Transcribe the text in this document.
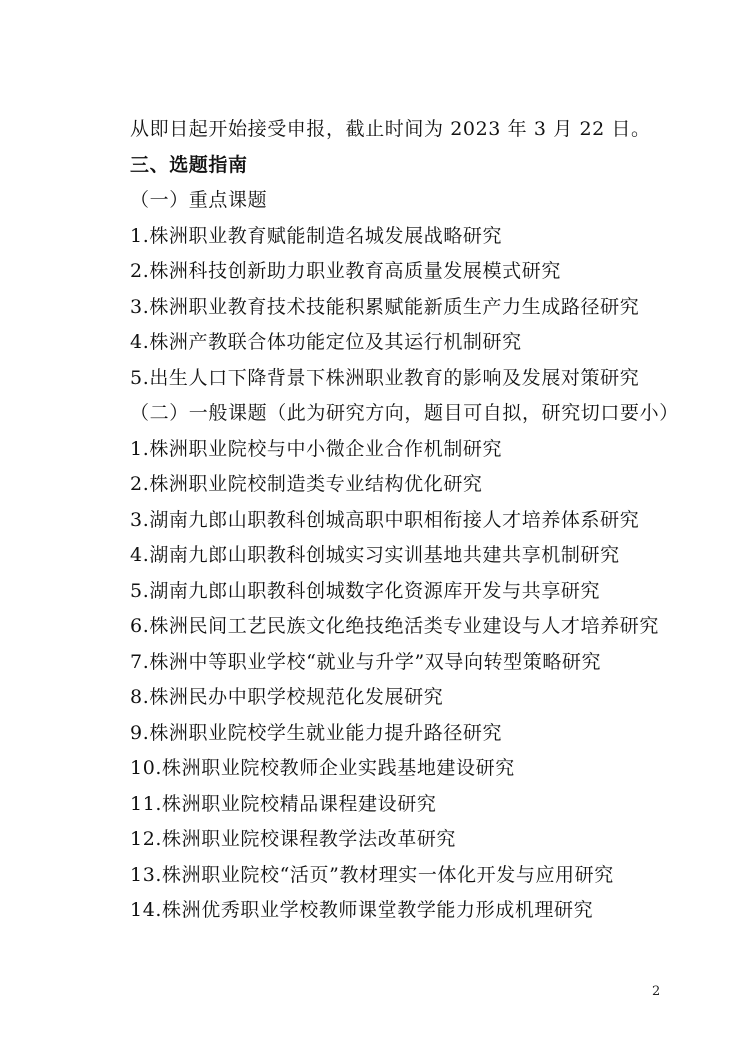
从即日起开始接受申报，截止时间为 2023 年 3 月 22 日。
三、选题指南
（一）重点课题
1.株洲职业教育赋能制造名城发展战略研究
2.株洲科技创新助力职业教育高质量发展模式研究
3.株洲职业教育技术技能积累赋能新质生产力生成路径研究
4.株洲产教联合体功能定位及其运行机制研究
5.出生人口下降背景下株洲职业教育的影响及发展对策研究
（二）一般课题（此为研究方向，题目可自拟，研究切口要小）
1.株洲职业院校与中小微企业合作机制研究
2.株洲职业院校制造类专业结构优化研究
3.湖南九郎山职教科创城高职中职相衔接人才培养体系研究
4.湖南九郎山职教科创城实习实训基地共建共享机制研究
5.湖南九郎山职教科创城数字化资源库开发与共享研究
6.株洲民间工艺民族文化绝技绝活类专业建设与人才培养研究
7.株洲中等职业学校“就业与升学”双导向转型策略研究
8.株洲民办中职学校规范化发展研究
9.株洲职业院校学生就业能力提升路径研究
10.株洲职业院校教师企业实践基地建设研究
11.株洲职业院校精品课程建设研究
12.株洲职业院校课程教学法改革研究
13.株洲职业院校“活页”教材理实一体化开发与应用研究
14.株洲优秀职业学校教师课堂教学能力形成机理研究
2
